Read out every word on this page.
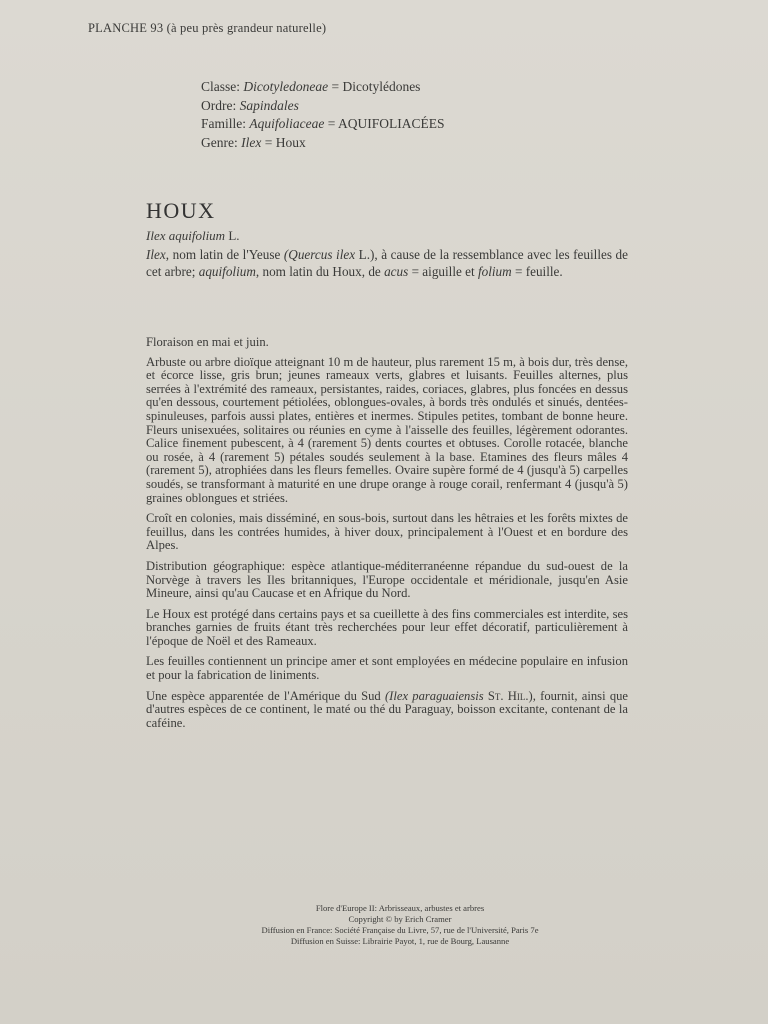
PLANCHE 93 (à peu près grandeur naturelle)
Classe: Dicotyledoneae = Dicotylédones
Ordre: Sapindales
Famille: Aquifoliaceae = AQUIFOLIACÉES
Genre: Ilex = Houx
HOUX
Ilex aquifolium L.
Ilex, nom latin de l'Yeuse (Quercus ilex L.), à cause de la ressemblance avec les feuilles de cet arbre; aquifolium, nom latin du Houx, de acus = aiguille et folium = feuille.

Floraison en mai et juin.

Arbuste ou arbre dioïque atteignant 10 m de hauteur, plus rarement 15 m, à bois dur, très dense, et écorce lisse, gris brun; jeunes rameaux verts, glabres et luisants. Feuilles alternes, plus serrées à l'extrémité des rameaux, persistantes, raides, coriaces, glabres, plus foncées en dessus qu'en dessous, courtement pétiolées, oblongues-ovales, à bords très ondulés et sinués, dentées-spinuleuses, parfois aussi plates, entières et inermes. Stipules petites, tombant de bonne heure. Fleurs unisexuées, solitaires ou réunies en cyme à l'aisselle des feuilles, légèrement odorantes. Calice finement pubescent, à 4 (rarement 5) dents courtes et obtuses. Corolle rotacée, blanche ou rosée, à 4 (rarement 5) pétales soudés seulement à la base. Etamines des fleurs mâles 4 (rarement 5), atrophiées dans les fleurs femelles. Ovaire supère formé de 4 (jusqu'à 5) carpelles soudés, se transformant à maturité en une drupe orange à rouge corail, renfermant 4 (jusqu'à 5) graines oblongues et striées.

Croît en colonies, mais disséminé, en sous-bois, surtout dans les hêtraies et les forêts mixtes de feuillus, dans les contrées humides, à hiver doux, principalement à l'Ouest et en bordure des Alpes.

Distribution géographique: espèce atlantique-méditerranéenne répandue du sud-ouest de la Norvège à travers les Iles britanniques, l'Europe occidentale et méridionale, jusqu'en Asie Mineure, ainsi qu'au Caucase et en Afrique du Nord.

Le Houx est protégé dans certains pays et sa cueillette à des fins commerciales est interdite, ses branches garnies de fruits étant très recherchées pour leur effet décoratif, particulièrement à l'époque de Noël et des Rameaux.

Les feuilles contiennent un principe amer et sont employées en médecine populaire en infusion et pour la fabrication de liniments.

Une espèce apparentée de l'Amérique du Sud (Ilex paraguaiensis St. Hil.), fournit, ainsi que d'autres espèces de ce continent, le maté ou thé du Paraguay, boisson excitante, contenant de la caféine.

Flore d'Europe II: Arbrisseaux, arbustes et arbres
Copyright © by Erich Cramer
Diffusion en France: Société Française du Livre, 57, rue de l'Université, Paris 7e
Diffusion en Suisse: Librairie Payot, 1, rue de Bourg, Lausanne
